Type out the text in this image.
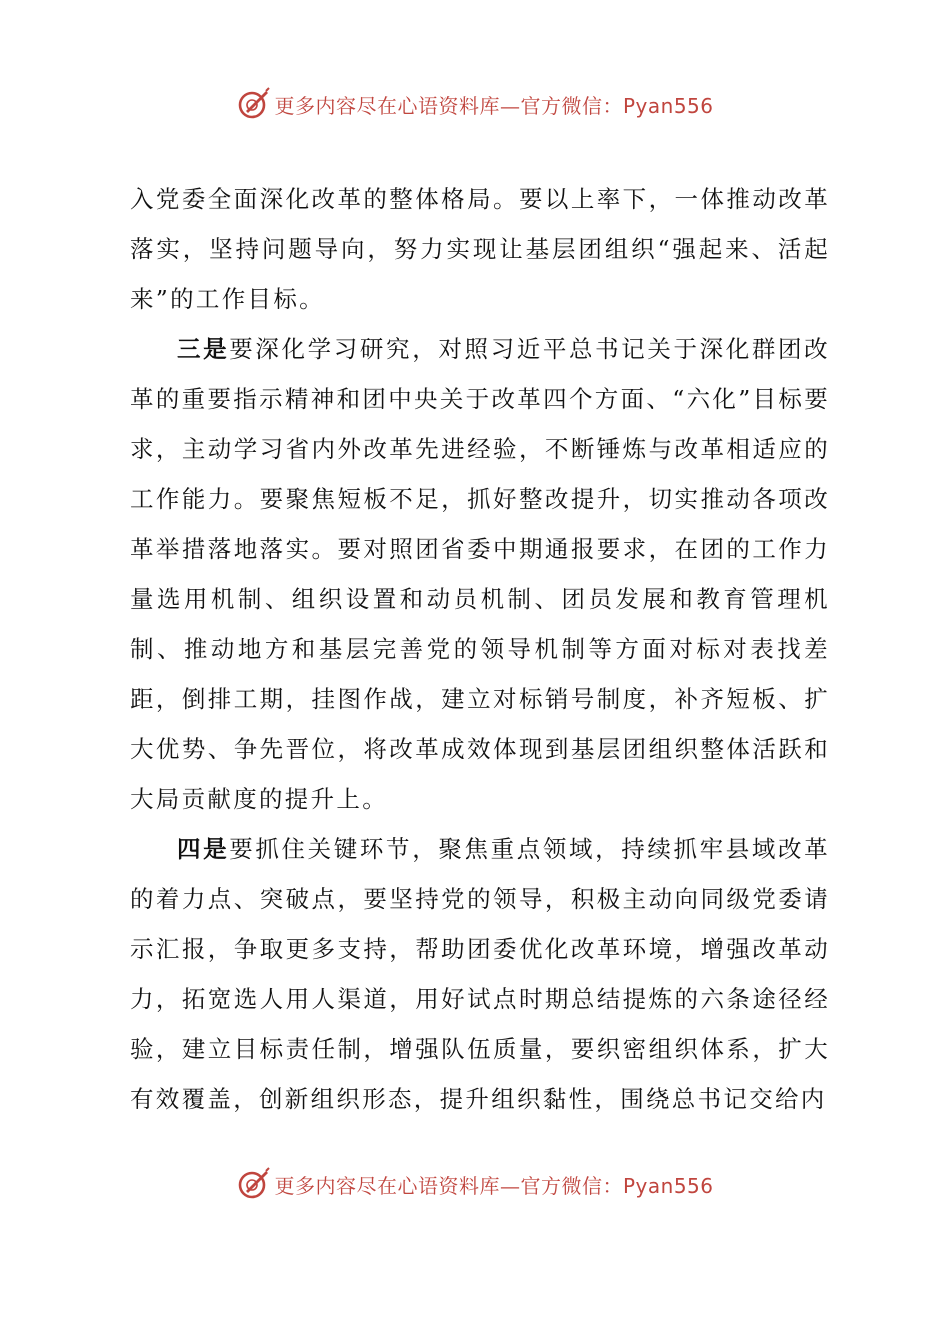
更多内容尽在心语资料库—官方微信：Pyan556

入党委全面深化改革的整体格局。要以上率下，一体推动改革落实，坚持问题导向，努力实现让基层团组织“强起来、活起来”的工作目标。

三是要深化学习研究，对照习近平总书记关于深化群团改革的重要指示精神和团中央关于改革四个方面、“六化”目标要求，主动学习省内外改革先进经验，不断锤炼与改革相适应的工作能力。要聚焦短板不足，抓好整改提升，切实推动各项改革举措落地落实。要对照团省委中期通报要求，在团的工作力量选用机制、组织设置和动员机制、团员发展和教育管理机制、推动地方和基层完善党的领导机制等方面对标对表找差距，倒排工期，挂图作战，建立对标销号制度，补齐短板、扩大优势、争先晋位，将改革成效体现到基层团组织整体活跃和大局贡献度的提升上。

四是要抓住关键环节，聚焦重点领域，持续抓牢县域改革的着力点、突破点，要坚持党的领导，积极主动向同级党委请示汇报，争取更多支持，帮助团委优化改革环境，增强改革动力，拓宽选人用人渠道，用好试点时期总结提炼的六条途径经验，建立目标责任制，增强队伍质量，要织密组织体系，扩大有效覆盖，创新组织形态，提升组织黏性，围绕总书记交给内

更多内容尽在心语资料库—官方微信：Pyan556
